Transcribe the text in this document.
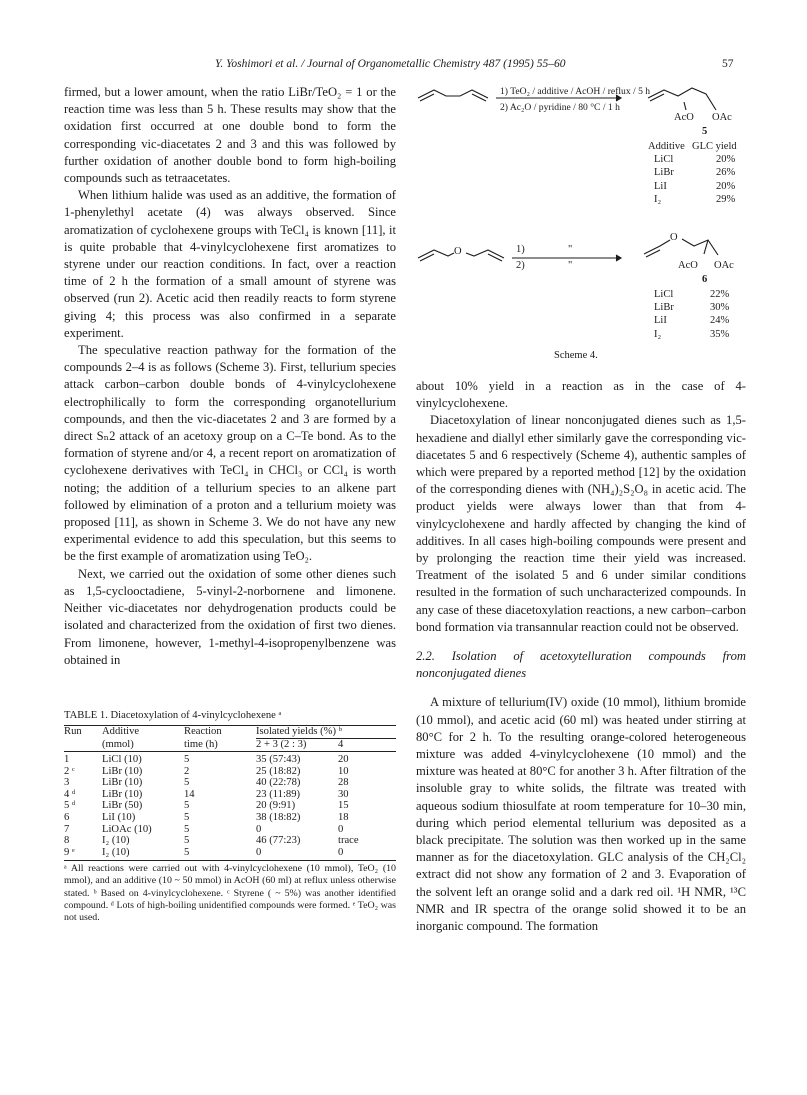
Y. Yoshimori et al. / Journal of Organometallic Chemistry 487 (1995) 55–60	57

firmed, but a lower amount, when the ratio LiBr/TeO₂ = 1 or the reaction time was less than 5 h. These results may show that the oxidation first occurred at one double bond to form the corresponding vic-diacetates 2 and 3 and this was followed by further oxidation of another double bond to form high-boiling compounds such as tetraacetates.

When lithium halide was used as an additive, the formation of 1-phenylethyl acetate (4) was always observed. Since aromatization of cyclohexene groups with TeCl₄ is known [11], it is quite probable that 4-vinylcyclohexene first aromatizes to styrene under our reaction conditions. In fact, over a reaction time of 2 h the formation of a small amount of styrene was observed (run 2). Acetic acid then readily reacts to form styrene giving 4; this process was also confirmed in a separate experiment.

The speculative reaction pathway for the formation of the compounds 2–4 is as follows (Scheme 3). First, tellurium species attack carbon–carbon double bonds of 4-vinylcyclohexene electrophilically to form the corresponding organotellurium compounds, and then the vic-diacetates 2 and 3 are formed by a direct Sₙ2 attack of an acetoxy group on a C–Te bond. As to the formation of styrene and/or 4, a recent report on aromatization of cyclohexene derivatives with TeCl₄ in CHCl₃ or CCl₄ is worth noting; the addition of a tellurium species to an alkene part followed by elimination of a proton and a tellurium moiety was proposed [11], as shown in Scheme 3. We do not have any new experimental evidence to add this speculation, but this seems to be the first example of aromatization using TeO₂.

Next, we carried out the oxidation of some other dienes such as 1,5-cyclooctadiene, 5-vinyl-2-norbornene and limonene. Neither vic-diacetates nor dehydrogenation products could be isolated and characterized from the oxidation of first two dienes. From limonene, however, 1-methyl-4-isopropenylbenzene was obtained in

TABLE 1. Diacetoxylation of 4-vinylcyclohexene ᵃ
Run	Additive	Reaction	Isolated yields (%) ᵇ	
	(mmol)	time (h)	2 + 3 (2 : 3)	4

1	LiCl (10)	5	35 (57:43)	20
2 ᶜ	LiBr (10)	2	25 (18:82)	10
3	LiBr (10)	5	40 (22:78)	28
4 ᵈ	LiBr (10)	14	23 (11:89)	30
5 ᵈ	LiBr (50)	5	20 (9:91)	15
6	LiI (10)	5	38 (18:82)	18
7	LiOAc (10)	5	0	0
8	I₂ (10)	5	46 (77:23)	trace
9 ᵉ	I₂ (10)	5	0	0
ᵃ All reactions were carried out with 4-vinylcyclohexene (10 mmol), TeO₂ (10 mmol), and an additive (10 ~ 50 mmol) in AcOH (60 ml) at reflux unless otherwise stated. ᵇ Based on 4-vinylcyclohexene. ᶜ Styrene ( ~ 5%) was another identified compound. ᵈ Lots of high-boiling unidentified compounds were formed. ᵉ TeO₂ was not used.
1) TeO₂ / additive / AcOH / reflux / 5 h
2) Ac₂O / pyridine / 80 °C / 1 h
AcO OAc
5
Additive GLC yield
LiCl	20%
LiBr	26%
LiI	20%
I₂	29%
O	1)
2)
"
"
O
AcO OAc
6
LiCl	22%
LiBr	30%
LiI	24%
I₂	35%
Scheme 4.

about 10% yield in a reaction as in the case of 4-vinylcyclohexene.

Diacetoxylation of linear nonconjugated dienes such as 1,5-hexadiene and diallyl ether similarly gave the corresponding vic-diacetates 5 and 6 respectively (Scheme 4), authentic samples of which were prepared by a reported method [12] by the oxidation of the corresponding dienes with (NH₄)₂S₂O₈ in acetic acid. The product yields were always lower than that from 4-vinylcyclohexene and hardly affected by changing the kind of additives. In all cases high-boiling compounds were present and by prolonging the reaction time their yield was increased. Treatment of the isolated 5 and 6 under similar conditions resulted in the formation of such uncharacterized compounds. In any case of these diacetoxylation reactions, a new carbon–carbon bond formation via transannular reaction could not be observed.

2.2. Isolation of acetoxytelluration compounds from nonconjugated dienes

A mixture of tellurium(IV) oxide (10 mmol), lithium bromide (10 mmol), and acetic acid (60 ml) was heated under stirring at 80°C for 2 h. To the resulting orange-colored heterogeneous mixture was added 4-vinylcyclohexene (10 mmol) and the mixture was heated at 80°C for another 3 h. After filtration of the insoluble gray to white solids, the filtrate was treated with aqueous sodium thiosulfate at room temperature for 10–30 min, during which period elemental tellurium was deposited as a black precipitate. The solution was then worked up in the same manner as for the diacetoxylation. GLC analysis of the CH₂Cl₂ extract did not show any formation of 2 and 3. Evaporation of the solvent left an orange solid and a dark red oil. ¹H NMR, ¹³C NMR and IR spectra of the orange solid showed it to be an inorganic compound. The formation
